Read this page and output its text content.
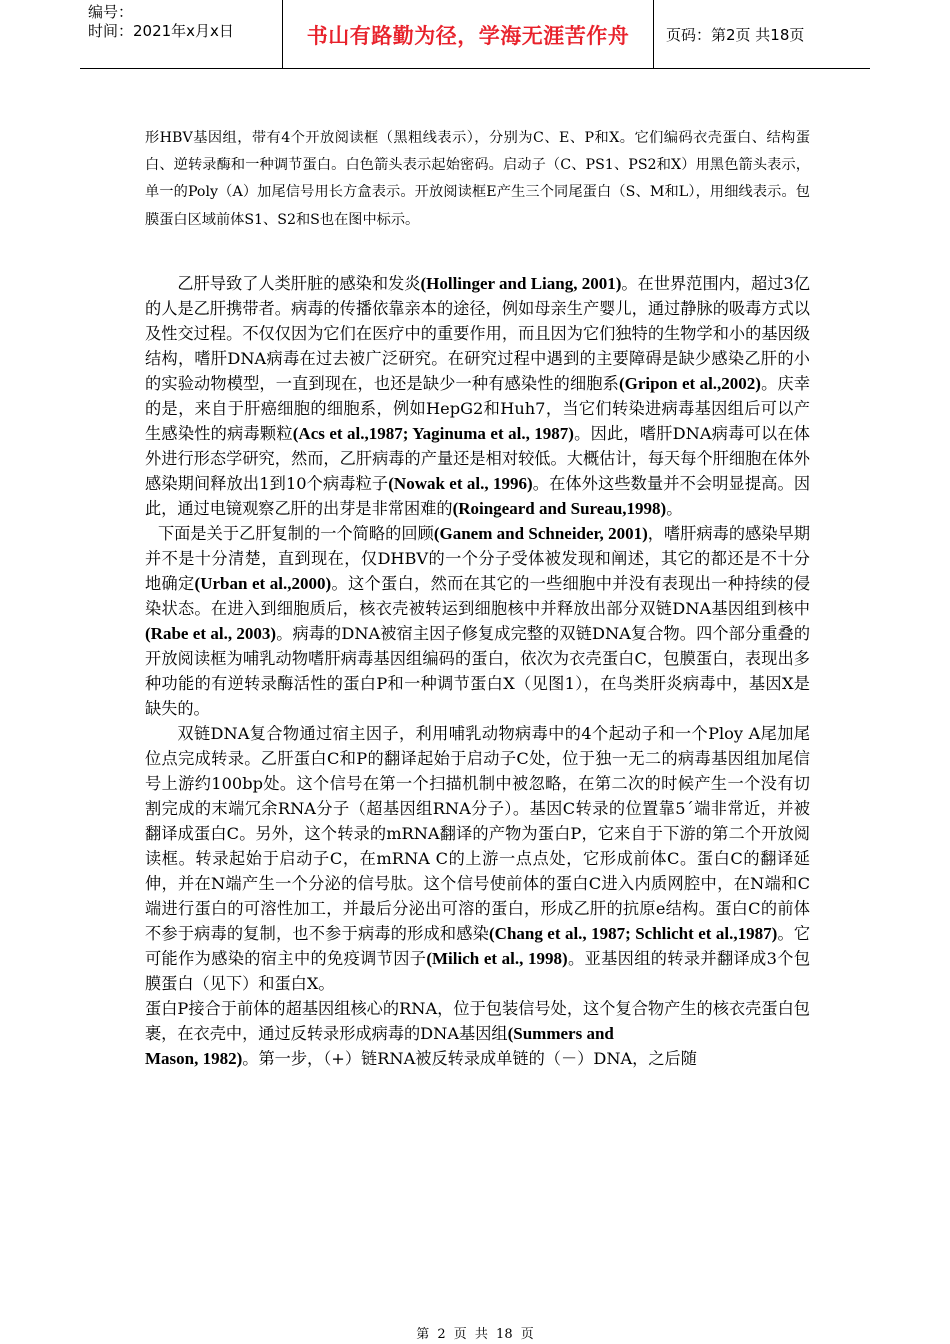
编号：
时间：2021年x月x日	书山有路勤为径，学海无涯苦作舟	页码：第2页 共18页
形HBV基因组，带有4个开放阅读框（黑粗线表示），分别为C、E、P和X。它们编码衣壳蛋白、结构蛋白、逆转录酶和一种调节蛋白。白色箭头表示起始密码。启动子（C、PS1、PS2和X）用黑色箭头表示，单一的Poly（A）加尾信号用长方盒表示。开放阅读框E产生三个同尾蛋白（S、M和L），用细线表示。包膜蛋白区域前体S1、S2和S也在图中标示。

乙肝导致了人类肝脏的感染和发炎(Hollinger and Liang, 2001)。在世界范围内，超过3亿的人是乙肝携带者。病毒的传播依靠亲本的途径，例如母亲生产婴儿，通过静脉的吸毒方式以及性交过程。不仅仅因为它们在医疗中的重要作用，而且因为它们独特的生物学和小的基因级结构，嗜肝DNA病毒在过去被广泛研究。在研究过程中遇到的主要障碍是缺少感染乙肝的小的实验动物模型，一直到现在，也还是缺少一种有感染性的细胞系(Gripon et al.,2002)。庆幸的是，来自于肝癌细胞的细胞系，例如HepG2和Huh7，当它们转染进病毒基因组后可以产生感染性的病毒颗粒(Acs et al.,1987; Yaginuma et al., 1987)。因此，嗜肝DNA病毒可以在体外进行形态学研究，然而，乙肝病毒的产量还是相对较低。大概估计，每天每个肝细胞在体外感染期间释放出1到10个病毒粒子(Nowak et al., 1996)。在体外这些数量并不会明显提高。因此，通过电镜观察乙肝的出芽是非常困难的(Roingeard and Sureau,1998)。

下面是关于乙肝复制的一个简略的回顾(Ganem and Schneider, 2001)，嗜肝病毒的感染早期并不是十分清楚，直到现在，仅DHBV的一个分子受体被发现和阐述，其它的都还是不十分地确定(Urban et al.,2000)。这个蛋白，然而在其它的一些细胞中并没有表现出一种持续的侵染状态。在进入到细胞质后，核衣壳被转运到细胞核中并释放出部分双链DNA基因组到核中(Rabe et al., 2003)。病毒的DNA被宿主因子修复成完整的双链DNA复合物。四个部分重叠的开放阅读框为哺乳动物嗜肝病毒基因组编码的蛋白，依次为衣壳蛋白C，包膜蛋白，表现出多种功能的有逆转录酶活性的蛋白P和一种调节蛋白X（见图1），在鸟类肝炎病毒中，基因X是缺失的。

双链DNA复合物通过宿主因子，利用哺乳动物病毒中的4个起动子和一个Ploy A尾加尾位点完成转录。乙肝蛋白C和P的翻译起始于启动子C处，位于独一无二的病毒基因组加尾信号上游约100bp处。这个信号在第一个扫描机制中被忽略，在第二次的时候产生一个没有切割完成的末端冗余RNA分子（超基因组RNA分子）。基因C转录的位置靠5´端非常近，并被翻译成蛋白C。另外，这个转录的mRNA翻译的产物为蛋白P，它来自于下游的第二个开放阅读框。转录起始于启动子C，在mRNA C的上游一点点处，它形成前体C。蛋白C的翻译延伸，并在N端产生一个分泌的信号肽。这个信号使前体的蛋白C进入内质网腔中，在N端和C端进行蛋白的可溶性加工，并最后分泌出可溶的蛋白，形成乙肝的抗原e结构。蛋白C的前体不参于病毒的复制，也不参于病毒的形成和感染(Chang et al., 1987; Schlicht et al.,1987)。它可能作为感染的宿主中的免疫调节因子(Milich et al., 1998)。亚基因组的转录并翻译成3个包膜蛋白（见下）和蛋白X。

蛋白P接合于前体的超基因组核心的RNA，位于包装信号处，这个复合物产生的核衣壳蛋白包裹，在衣壳中，通过反转录形成病毒的DNA基因组(Summers and
Mason, 1982)。第一步，（+）链RNA被反转录成单链的（－）DNA，之后随

第 2 页 共 18 页
